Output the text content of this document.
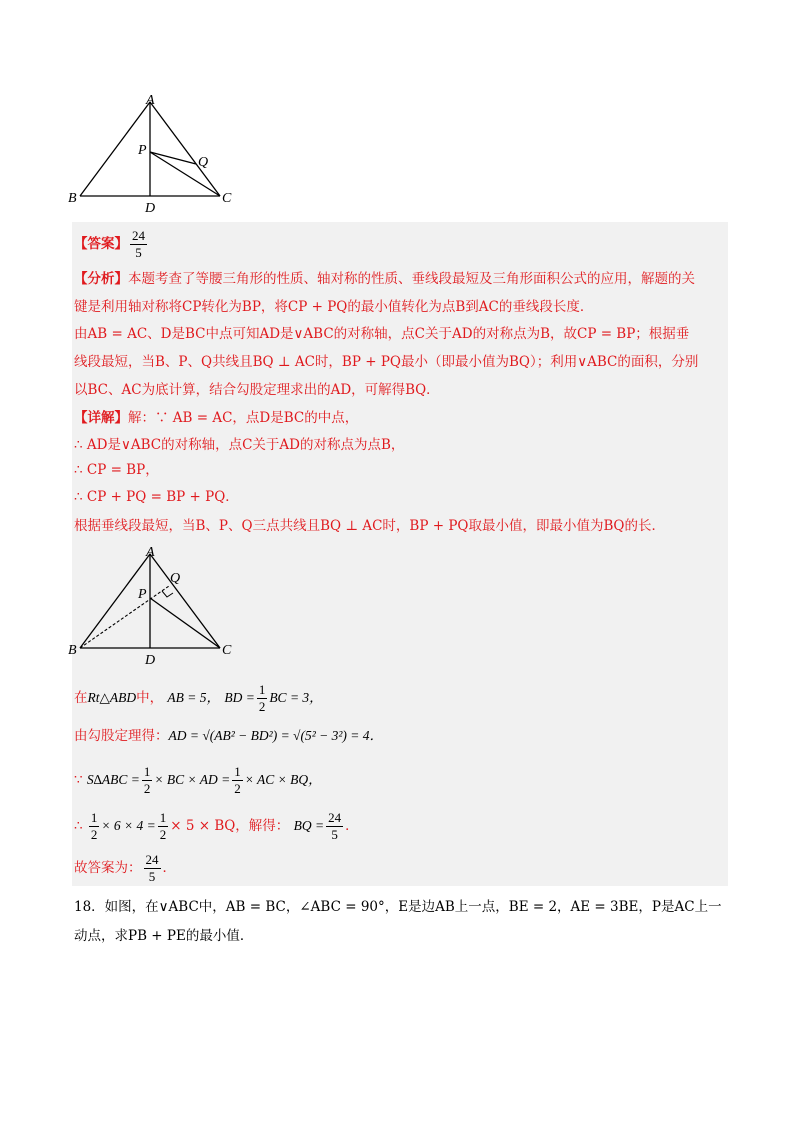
A
P
Q
B
D
C
【答案】 $\frac{24}{5}$
【分析】本题考查了等腰三角形的性质、轴对称的性质、垂线段最短及三角形面积公式的应用，解题的关
键是利用轴对称将CP转化为BP，将CP + PQ的最小值转化为点B到AC的垂线段长度．
由AB = AC、D是BC中点可知AD是∨ABC的对称轴，点C关于AD的对称点为B，故CP = BP；根据垂
线段最短，当B、P、Q共线且BQ ⊥ AC时，BP + PQ最小（即最小值为BQ）；利用∨ABC的面积，分别
以BC、AC为底计算，结合勾股定理求出的AD，可解得BQ．
【详解】解：∵ AB = AC，点D是BC的中点，
∴ AD是∨ABC的对称轴，点C关于AD的对称点为点B，
∴ CP = BP，
∴ CP + PQ = BP + PQ．
根据垂线段最短，当B、P、Q三点共线且BQ ⊥ AC时，BP + PQ取最小值，即最小值为BQ的长．
A
Q
P
B
D
C
在Rt△ABD中， AB = 5， BD = $\frac{1}{2}$ BC = 3，
由勾股定理得：AD = √(AB² − BD²) = √(5² − 3²) = 4．
∵ $S\Delta ABC = \frac{1}{2}$ × BC × AD = $\frac{1}{2}$ × AC × BQ，
∴ $\frac{1}{2} \times 6 \times 4 = \frac{1}{2} \times 5$ × BQ，解得： BQ = $\frac{24}{5}$ ．
故答案为： $\frac{24}{5}$ ．
18．如图，在∨ABC中，AB = BC，∠ABC = 90°，E是边AB上一点，BE = 2，AE = 3BE，P是AC上一
动点，求PB + PE的最小值．
